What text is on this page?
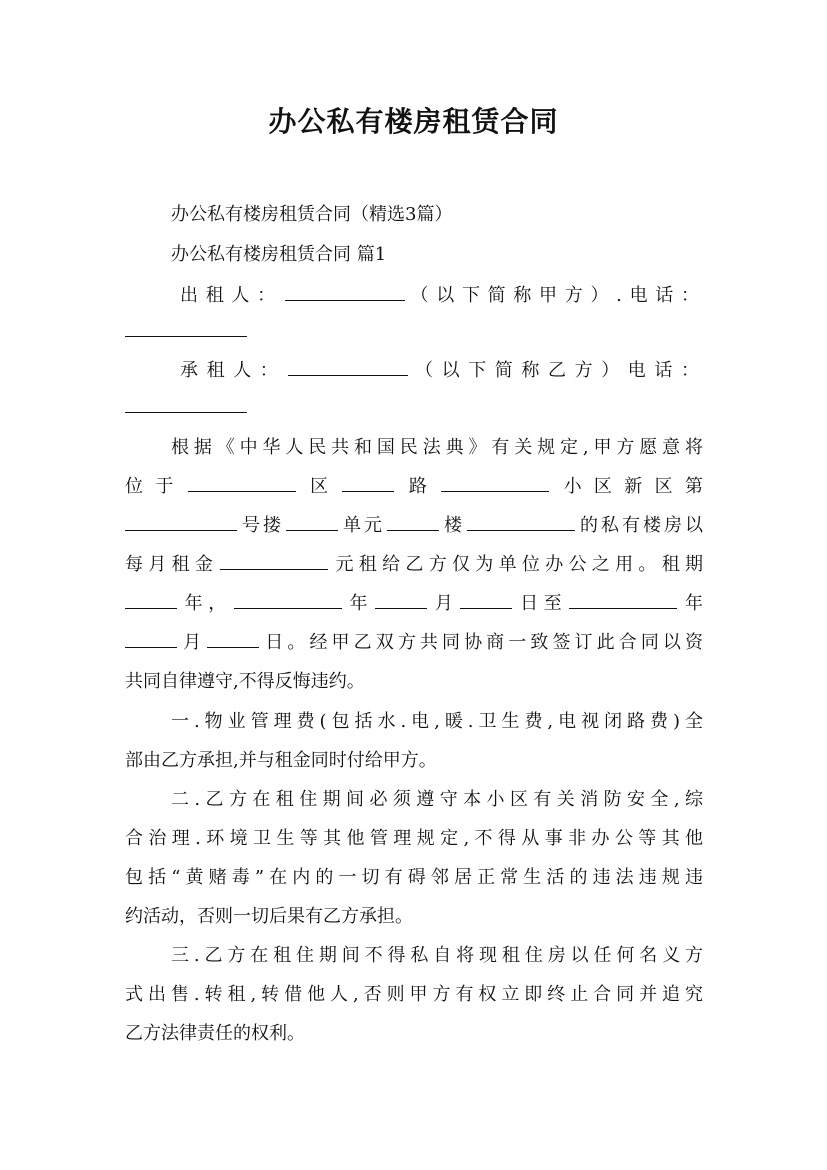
办公私有楼房租赁合同
办公私有楼房租赁合同（精选3篇）
办公私有楼房租赁合同 篇1
出租人：	（以下简称甲方）.电话：
承租人：	（以下简称乙方）电话：
根据《中华人民共和国民法典》有关规定,甲方愿意将
位于	区	路	小区新区第
号搂	单元	楼	的私有楼房以
每月租金	元租给乙方仅为单位办公之用。租期
年，	年	月	日至	年
月	日。经甲乙双方共同协商一致签订此合同以资
共同自律遵守,不得反悔违约。
一.物业管理费(包括水.电,暖.卫生费,电视闭路费)全
部由乙方承担,并与租金同时付给甲方。
二.乙方在租住期间必须遵守本小区有关消防安全,综
合治理.环境卫生等其他管理规定,不得从事非办公等其他
包括“黄赌毒”在内的一切有碍邻居正常生活的违法违规违
约活动，否则一切后果有乙方承担。
三.乙方在租住期间不得私自将现租住房以任何名义方
式出售.转租,转借他人,否则甲方有权立即终止合同并追究
乙方法律责任的权利。
